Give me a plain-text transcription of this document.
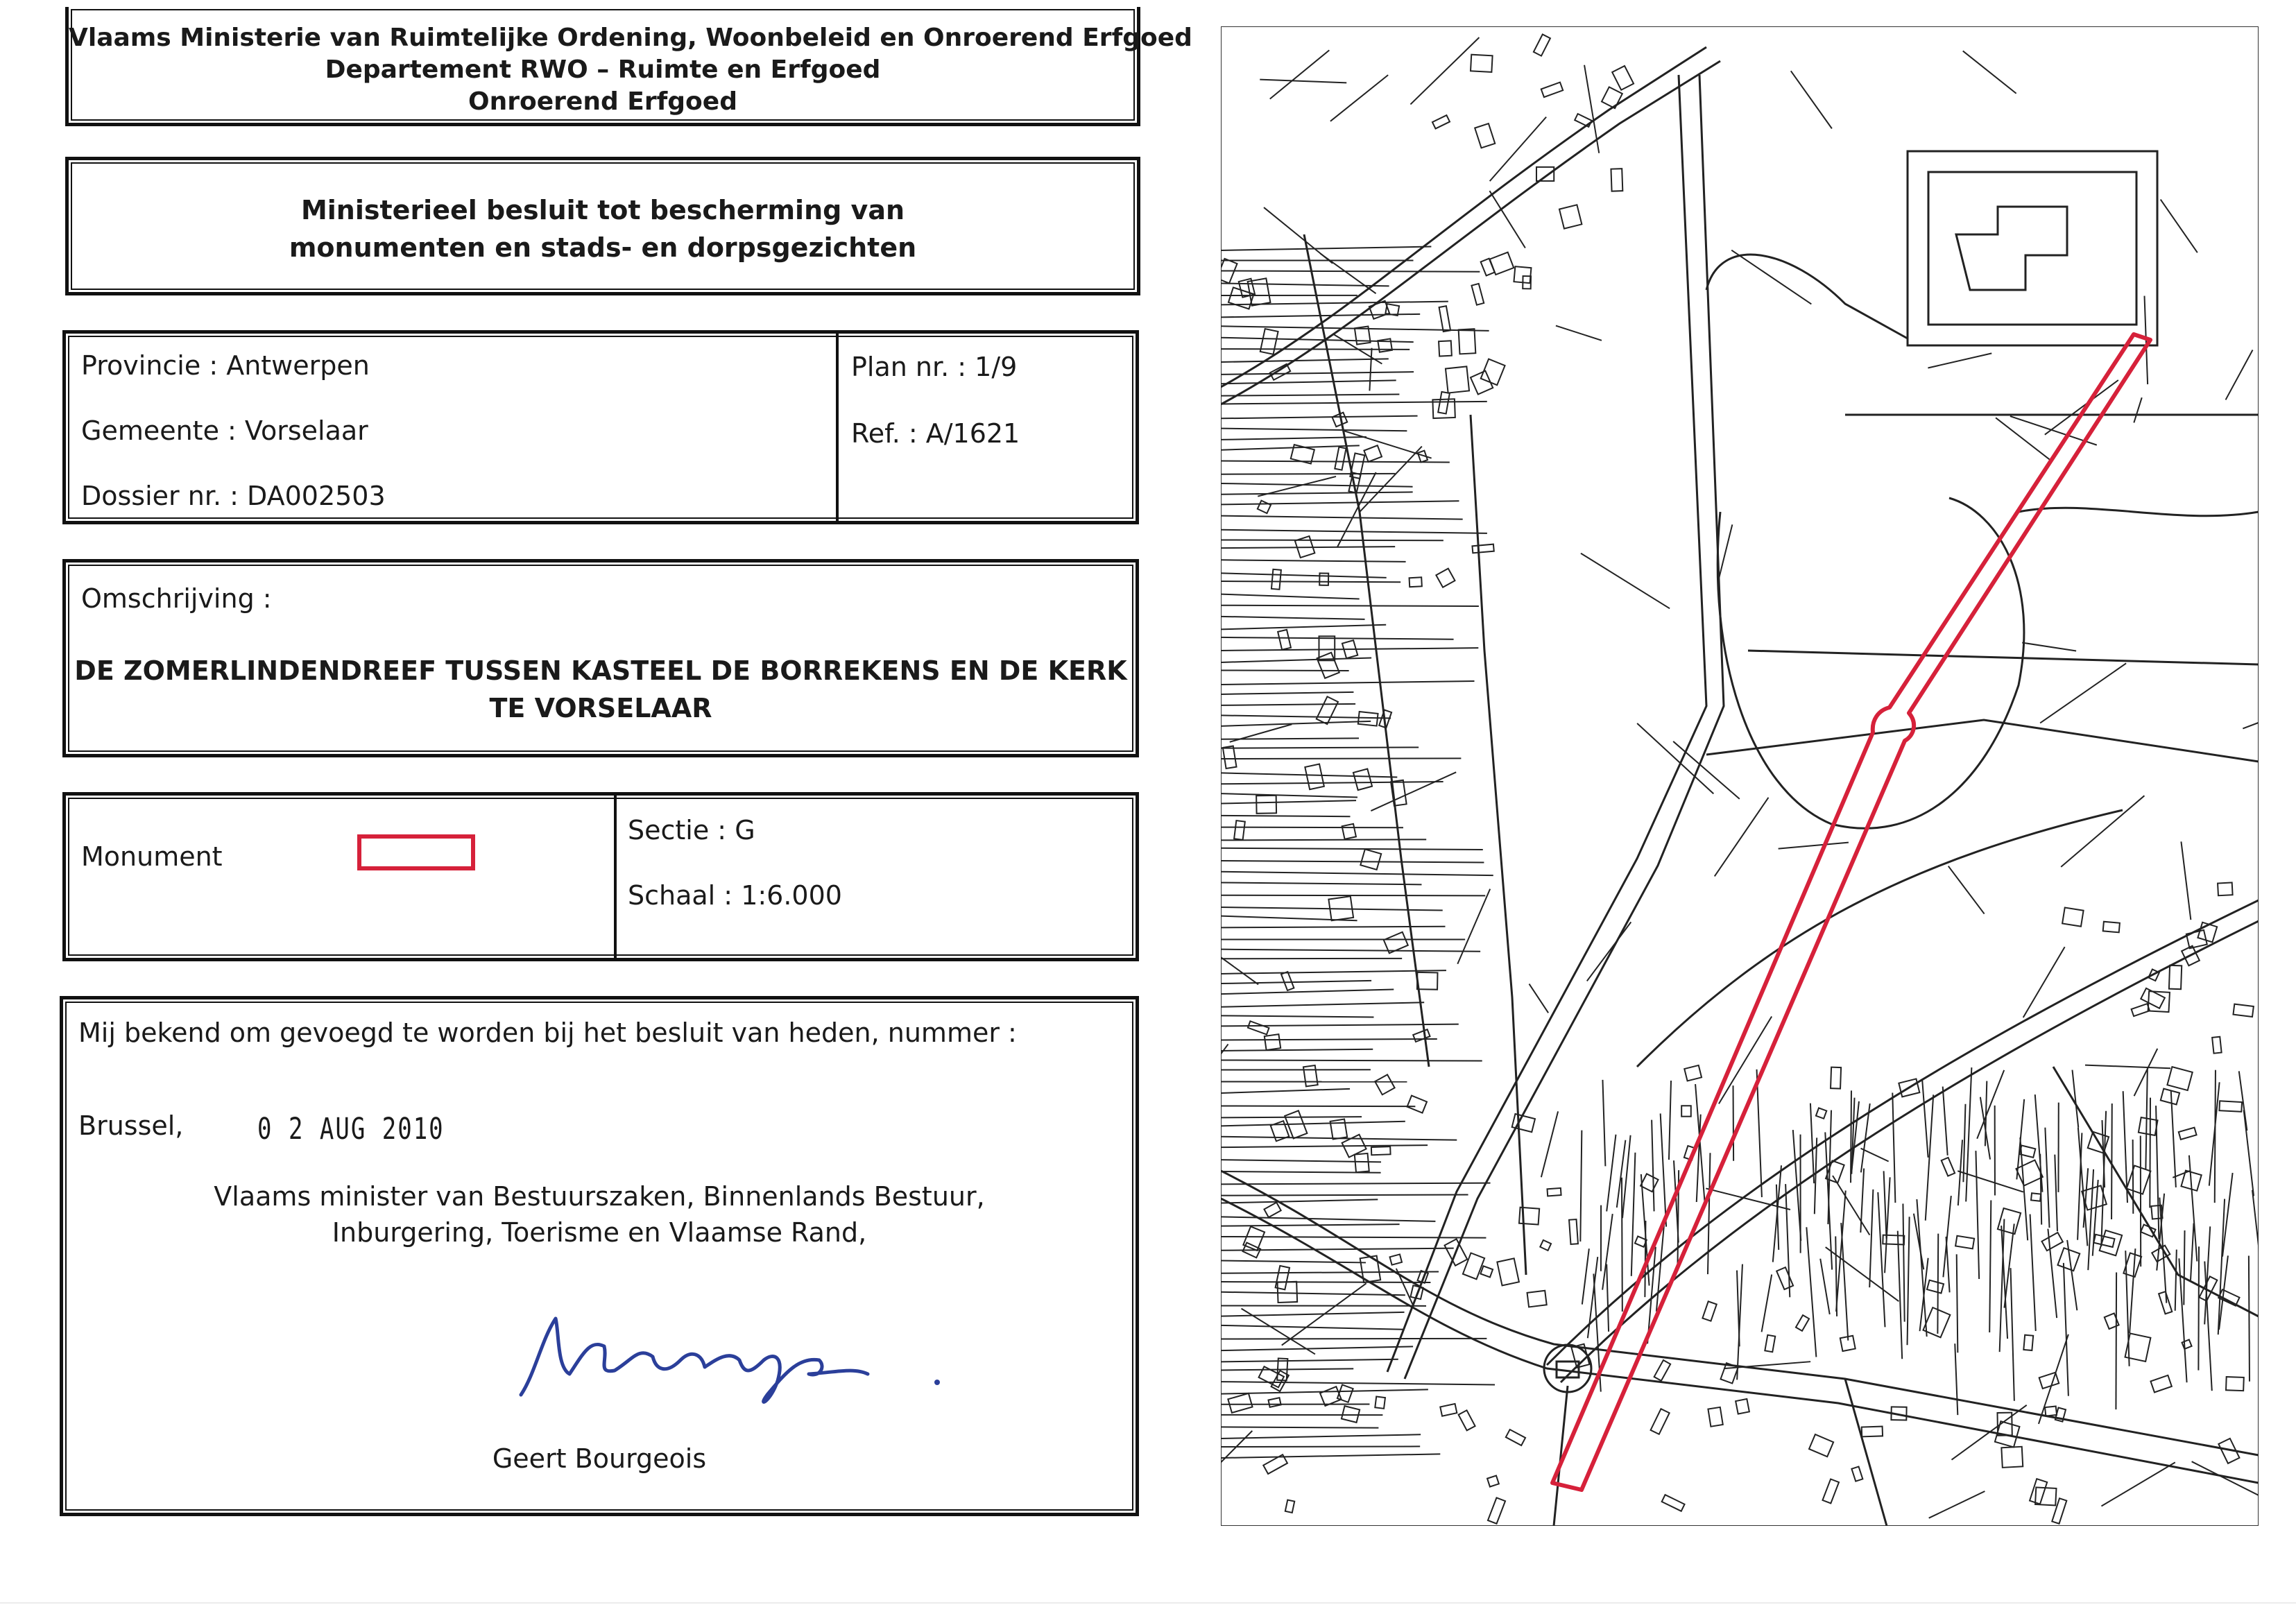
Vlaams Ministerie van Ruimtelijke Ordening, Woonbeleid en Onroerend Erfgoed
Departement RWO – Ruimte en Erfgoed
Onroerend Erfgoed
Ministerieel besluit tot bescherming van
monumenten en stads- en dorpsgezichten
Provincie : Antwerpen
Gemeente : Vorselaar
Dossier nr. : DA002503
Plan nr. : 1/9
Ref. : A/1621
Omschrijving :
DE ZOMERLINDENDREEF TUSSEN KASTEEL DE BORREKENS EN DE KERK
TE VORSELAAR
Monument
Sectie : G
Schaal : 1:6.000
Mij bekend om gevoegd te worden bij het besluit van heden, nummer :
Brussel,	0 2 AUG 2010
Vlaams minister van Bestuurszaken, Binnenlands Bestuur,
Inburgering, Toerisme en Vlaamse Rand,
Geert Bourgeois
